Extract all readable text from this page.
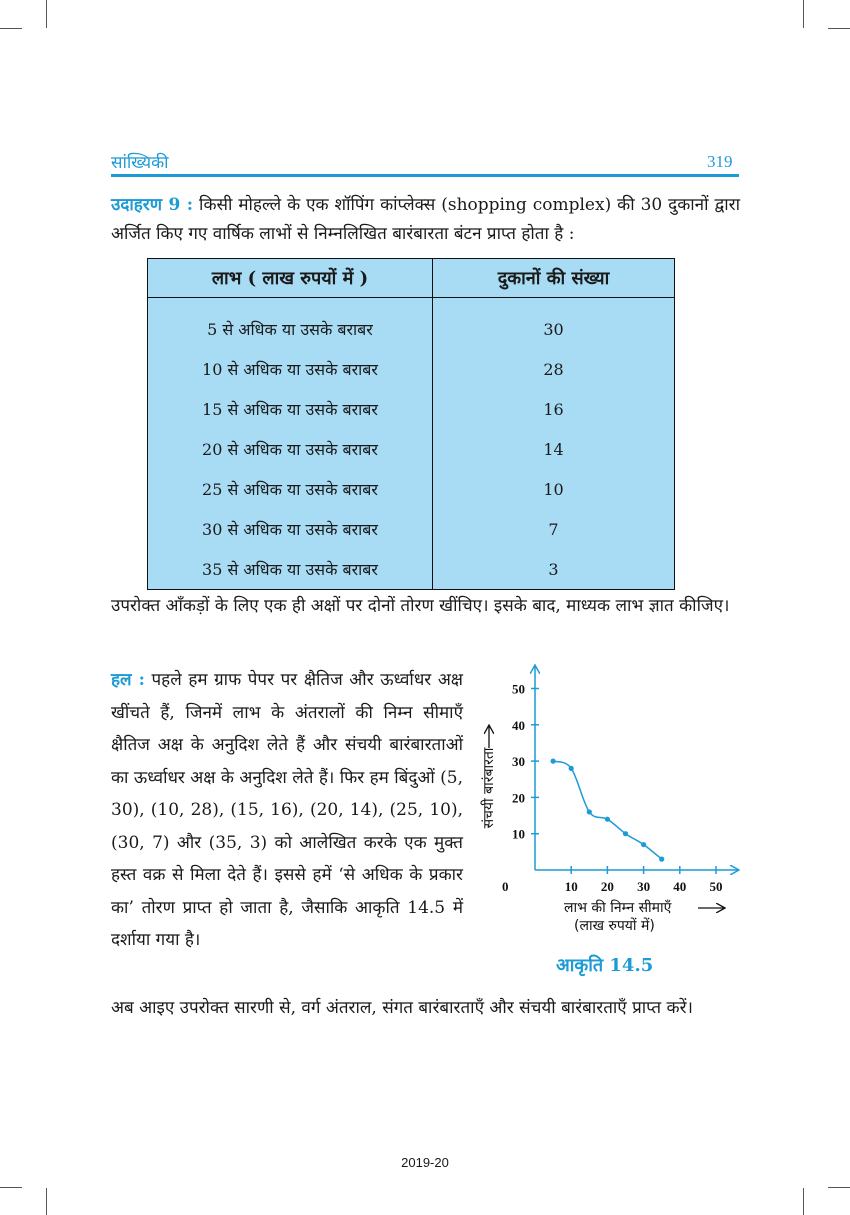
सांख्यिकी	319
उदाहरण 9 : किसी मोहल्ले के एक शॉपिंग कांप्लेक्स (shopping complex) की 30 दुकानों द्वारा अर्जित किए गए वार्षिक लाभों से निम्नलिखित बारंबारता बंटन प्राप्त होता है :
लाभ ( लाख रुपयों में )	दुकानों की संख्या
5 से अधिक या उसके बराबर	30
10 से अधिक या उसके बराबर	28
15 से अधिक या उसके बराबर	16
20 से अधिक या उसके बराबर	14
25 से अधिक या उसके बराबर	10
30 से अधिक या उसके बराबर	7
35 से अधिक या उसके बराबर	3
उपरोक्त आँकड़ों के लिए एक ही अक्षों पर दोनों तोरण खींचिए। इसके बाद, माध्यक लाभ ज्ञात कीजिए।
हल : पहले हम ग्राफ पेपर पर क्षैतिज और ऊर्ध्वाधर अक्ष खींचते हैं, जिनमें लाभ के अंतरालों की निम्न सीमाएँ क्षैतिज अक्ष के अनुदिश लेते हैं और संचयी बारंबारताओं का ऊर्ध्वाधर अक्ष के अनुदिश लेते हैं। फिर हम बिंदुओं (5, 30), (10, 28), (15, 16), (20, 14), (25, 10), (30, 7) और (35, 3) को आलेखित करके एक मुक्त हस्त वक्र से मिला देते हैं। इससे हमें ‘से अधिक के प्रकार का’ तोरण प्राप्त हो जाता है, जैसाकि आकृति 14.5 में दर्शाया गया है।
0	10 20 30 40 50
10
20
30
40
50
संचयी बारंबारता
लाभ की निम्न सीमाएँ
(लाख रुपयों में)
आकृति 14.5
अब आइए उपरोक्त सारणी से, वर्ग अंतराल, संगत बारंबारताएँ और संचयी बारंबारताएँ प्राप्त करें।
2019-20
